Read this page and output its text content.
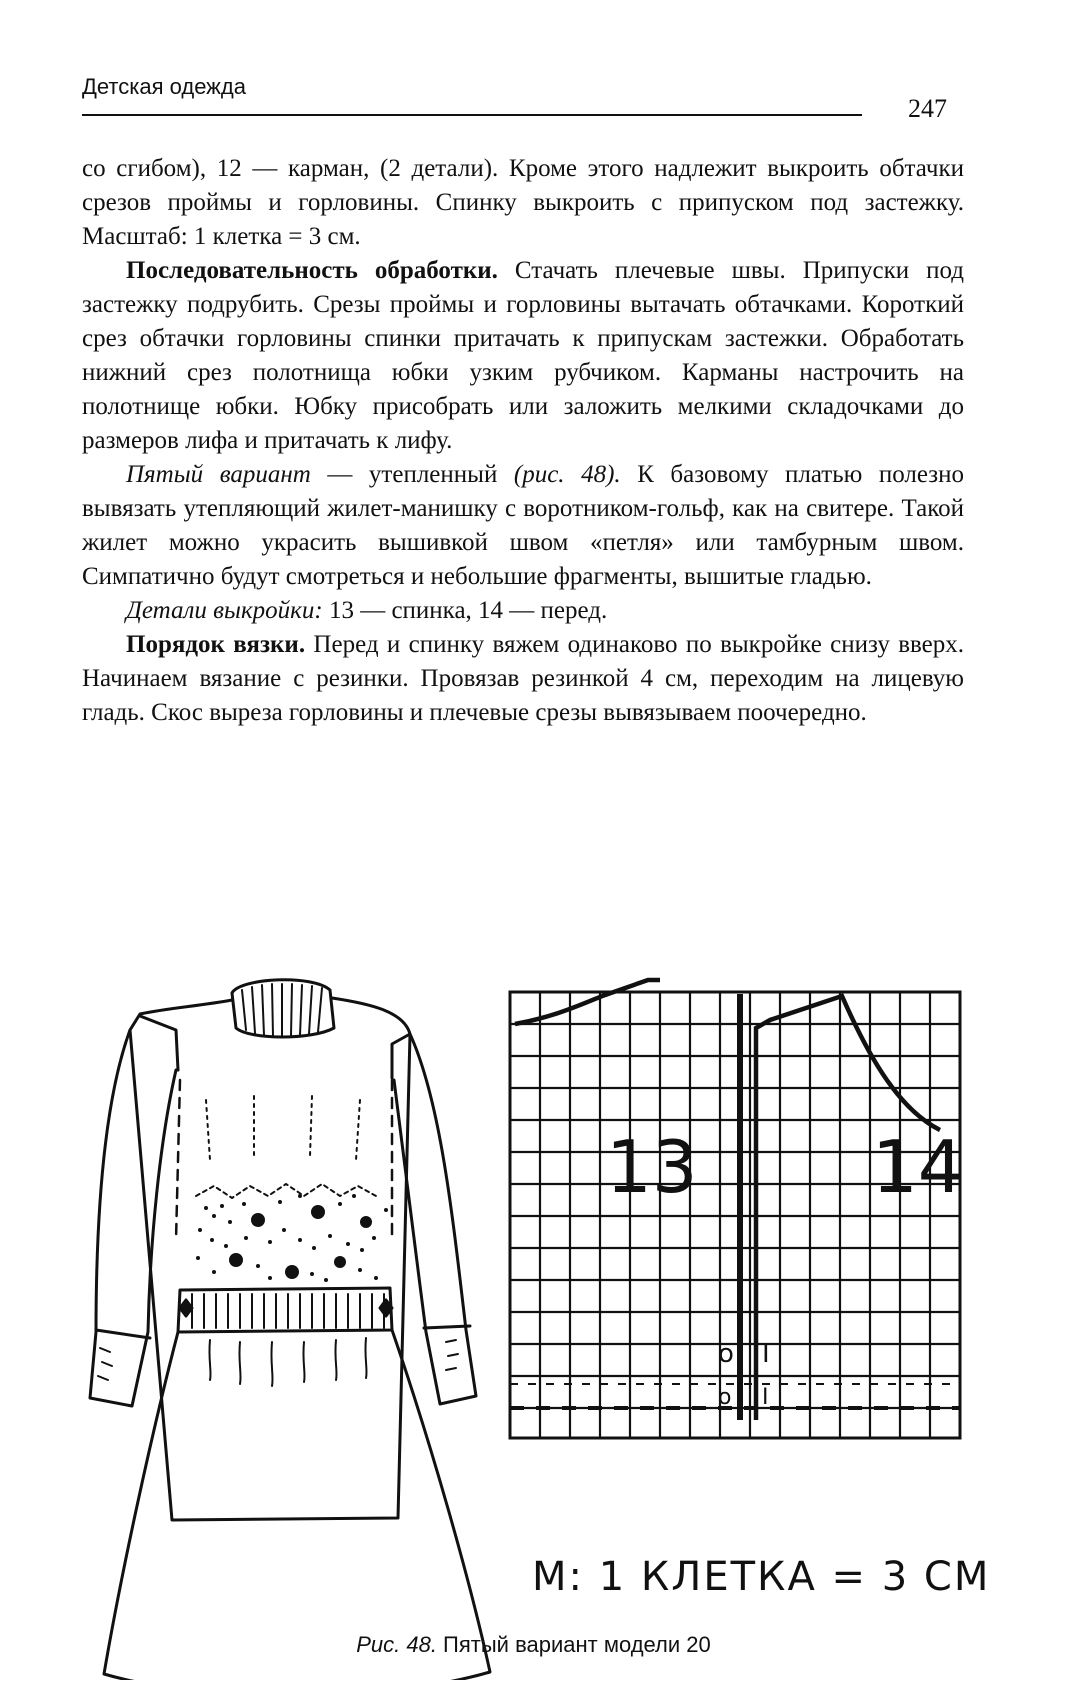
Детская одежда
247

со сгибом), 12 — карман, (2 детали). Кроме этого надлежит выкроить обтачки срезов проймы и горловины. Спинку выкроить с припуском под застежку. Масштаб: 1 клетка = 3 см.

Последовательность обработки. Стачать плечевые швы. Припуски под застежку подрубить. Срезы проймы и горловины вытачать обтачками. Короткий срез обтачки горловины спинки притачать к припускам застежки. Обработать нижний срез полотнища юбки узким рубчиком. Карманы настрочить на полотнище юбки. Юбку присобрать или заложить мелкими складочками до размеров лифа и притачать к лифу.

Пятый вариант — утепленный (рис. 48). К базовому платью полезно вывязать утепляющий жилет-манишку с воротником-гольф, как на свитере. Такой жилет можно украсить вышивкой швом «петля» или тамбурным швом. Симпатично будут смотреться и небольшие фрагменты, вышитые гладью.

Детали выкройки: 13 — спинка, 14 — перед.

Порядок вязки. Перед и спинку вяжем одинаково по выкройке снизу вверх. Начинаем вязание с резинки. Провязав резинкой 4 см, переходим на лицевую гладь. Скос выреза горловины и плечевые срезы вывязываем поочередно.

13 14
o I
o I
М: 1 КЛЕТКА = 3 СМ
Рис. 48. Пятый вариант модели 20
